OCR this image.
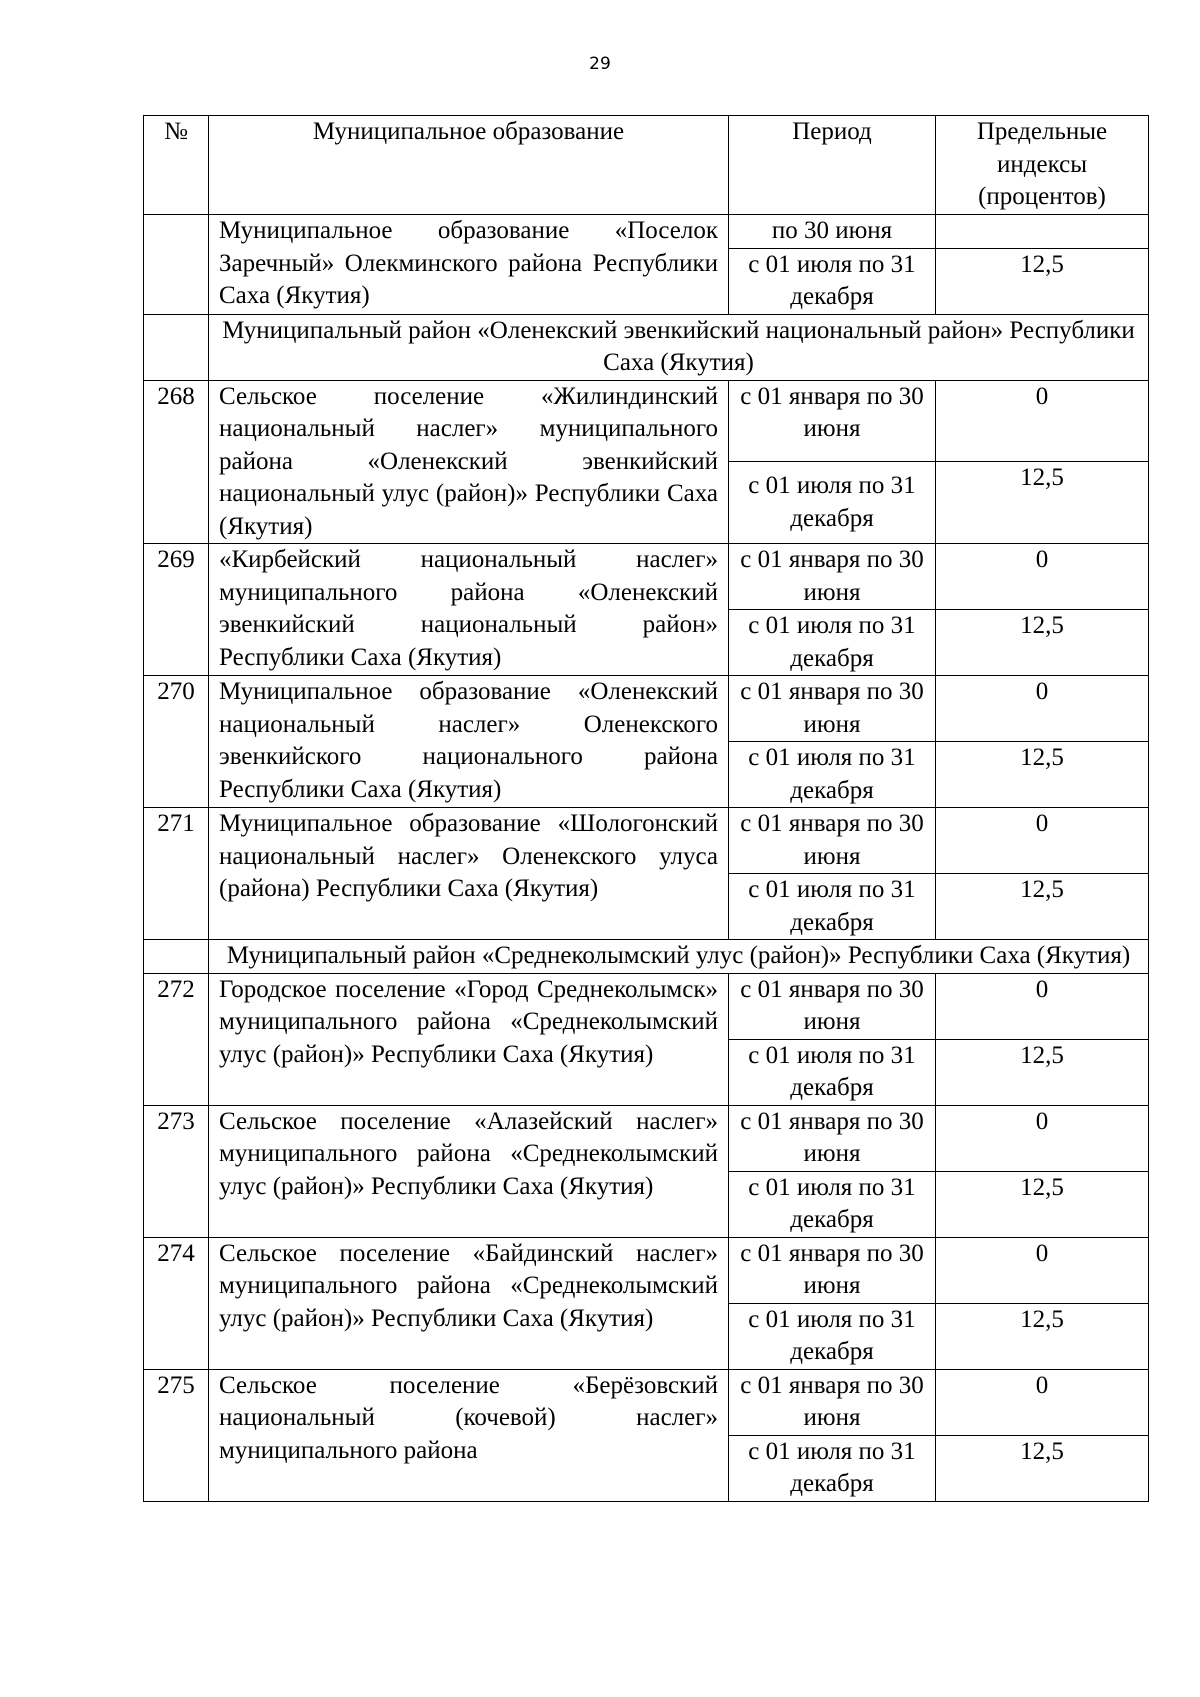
29
№	Муниципальное образование	Период	Предельные индексы (процентов)
	Муниципальное образование «Поселок Заречный» Олекминского района Республики Саха (Якутия)	по 30 июня	
		с 01 июля по 31 декабря	12,5
	Муниципальный район «Оленекский эвенкийский национальный район» Республики Саха (Якутия)		
268	Сельское поселение «Жилиндинский национальный наслег» муниципального района «Оленекский эвенкийский национальный улус (район)» Республики Саха (Якутия)	с 01 января по 30 июня	0
		с 01 июля по 31 декабря	12,5
269	«Кирбейский национальный наслег» муниципального района «Оленекский эвенкийский национальный район» Республики Саха (Якутия)	с 01 января по 30 июня	0
		с 01 июля по 31 декабря	12,5
270	Муниципальное образование «Оленекский национальный наслег» Оленекского эвенкийского национального района Республики Саха (Якутия)	с 01 января по 30 июня	0
		с 01 июля по 31 декабря	12,5
271	Муниципальное образование «Шологонский национальный наслег» Оленекского улуса (района) Республики Саха (Якутия)	с 01 января по 30 июня	0
		с 01 июля по 31 декабря	12,5
	Муниципальный район «Среднеколымский улус (район)» Республики Саха (Якутия)		
272	Городское поселение «Город Среднеколымск» муниципального района «Среднеколымский улус (район)» Республики Саха (Якутия)	с 01 января по 30 июня	0
		с 01 июля по 31 декабря	12,5
273	Сельское поселение «Алазейский наслег» муниципального района «Среднеколымский улус (район)» Республики Саха (Якутия)	с 01 января по 30 июня	0
		с 01 июля по 31 декабря	12,5
274	Сельское поселение «Байдинский наслег» муниципального района «Среднеколымский улус (район)» Республики Саха (Якутия)	с 01 января по 30 июня	0
		с 01 июля по 31 декабря	12,5
275	Сельское поселение «Берёзовский национальный (кочевой) наслег» муниципального района	с 01 января по 30 июня	0
		с 01 июля по 31 декабря	12,5
